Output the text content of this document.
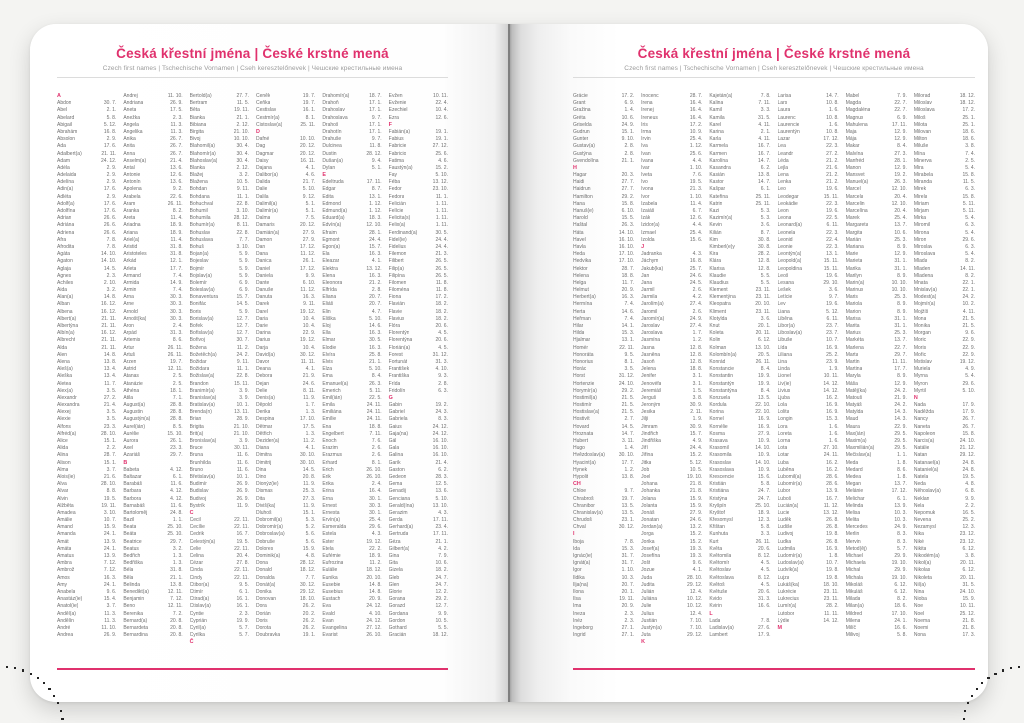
Česká křestní jména | České krstné mená
Czech first names | Tschechische Vornamen | Cseh keresztelőnevek | Чешские крестильные имена
A
Abdon	30. 7.
Ábel	2. 1.
Abelard	5. 8.
Abigail	5. 12.
Abrahám	16. 8.
Absolon	2. 9.
Ada	17. 6.
Adalbert(a)	21. 11.
Adam	24. 12.
Adéla	2. 9.
Adelaida	2. 9.
Adelína	2. 9.
Adin(a)	17. 6.
Adléta	2. 9.
Adolf(a)	17. 6.
Adolfína	17. 6.
Adrian	26. 6.
Adriána	26. 6.
Adriena	26. 6.
Afra	7. 8.
Afrodita	7. 8.
Agáta	14. 10.
Agaton	14. 10.
Aglaja	14. 5.
Agnes	2. 3.
Achiles	2. 10.
Aida	3. 2.
Alan(a)	14. 8.
Alban	16. 12.
Albena	16. 12.
Albert(a)	21. 11.
Albertýna	21. 11.
Albín(a)	16. 12.
Albrecht	21. 11.
Alda	21. 11.
Alen	14. 8.
Alena	13. 8.
Aleš(a)	13. 4.
Aleška	13. 4.
Aletea	11. 7.
Alex(a)	3. 5.
Alexandr	27. 2.
Alexandra	21. 4.
Alexej	3. 5.
Alexie	3. 5.
Alfons	23. 3.
Alfréd(a)	28. 10.
Alice	15. 1.
Alida	2. 2.
Alina	28. 7.
Alison	15. 1.
Alma	3. 7.
Alois(ie)	21. 6.
Alva	28. 10.
Alvar	8. 8.
Alvin	19. 5.
Alžběta	19. 11.
Amadea	3. 10.
Amálie	10. 7.
Amand	15. 9.
Amanda	24. 1.
Amát	13. 9.
Amáta	24. 1.
Amatus	13. 9.
Ambra	7. 12.
Ambrož	7. 12.
Ámos	16. 3.
Amy	24. 1.
Anabela	9. 6.
Anastáz(ie)	15. 4.
Anatol(ie)	3. 7.
Anděl(a)	11. 3.
Andělín	11. 3.
André	11. 10.
Andrea	26. 9.
Andrej	11. 10.
Andriana	26. 9.
Aneta	17. 5.
Anežka	2. 3.
Angela	11. 3.
Angelika	11. 3.
Anika	26. 7.
Anita	26. 7.
Anna	26. 7.
Anselm(a)	21. 4.
Antal	13. 6.
Antonie	12. 6.
Antonín	13. 6.
Apolena	9. 2.
Arabela	22. 6.
Aram	26. 11.
Aranka	8. 2.
Areta	11. 4.
Ariadna	18. 9.
Ariana	18. 9.
Ariel(a)	11. 4.
Aristid	31. 8.
Aristoteles	31. 8.
Arkád	12. 1.
Arleta	17. 7.
Armand	7. 4.
Armida	14. 9.
Armin	7. 4.
Arna	30. 3.
Arne	30. 3.
Arnold	30. 3.
Arnošt(ka)	30. 3.
Áron	2. 4.
Árpád	31. 3.
Artemis	8. 6.
Artur	26. 11.
Artuš	26. 11.
Arzen	19. 7.
Astrid	12. 11.
Atanas	2. 5.
Atanázie	2. 5.
Athéna	18. 1.
Atila	7. 1.
August(a)	28. 8.
Augustin	28. 8.
Augustýn(a)	28. 8.
Aurel(ián)	8. 5.
Aurélie	15. 10.
Aurora	26. 1.
Axel	23. 3.
Azariáš	29. 7.
B
Babeta	4. 12.
Baltazar	6. 1.
Barabáš	11. 6.
Barbara	4. 12.
Barbora	4. 12.
Barnabáš	11. 6.
Bartoloměj	24. 8.
Bazil	1. 1.
Beata	25. 10.
Beáta	25. 10.
Beatrice	29. 7.
Beatus	3. 2.
Bedřich	1. 3.
Bedřiška	1. 3.
Béla	31. 8.
Běla	21. 1.
Belinda	13. 8.
Benedikt(a)	12. 11.
Benjamin	7. 12.
Beno	12. 11.
Berenika	7. 2.
Bernard(a)	20. 8.
Bernardeta	20. 8.
Bernardina	20. 8.
Bertold(a)	27. 7.
Bertram	11. 5.
Běta	19. 11.
Bianka	21. 1.
Bibiana	2. 12.
Birgita	21. 10.
Bivoj	10. 10.
Blahomil(a)	30. 4.
Blahomír(a)	30. 4.
Blahoslav(a)	30. 4.
Blanka	2. 12.
Blažej	3. 2.
Blažena	10. 5.
Bohdan	9. 11.
Bohdana	11. 1.
Bohuchval	22. 8.
Bohumil	3. 10.
Bohumila	28. 12.
Bohumír(a)	8. 11.
Bohuslav	22. 8.
Bohuslava	7. 7.
Bohuš	3. 10.
Bojan(a)	5. 9.
Bojeslav	5. 9.
Bojmír	5. 9.
Bojslav(a)	5. 9.
Bolemír	6. 9.
Boleslav(a)	6. 9.
Bonaventura	15. 7.
Bonifác	14. 5.
Boris	5. 9.
Borislav(a)	12. 7.
Bořek	12. 7.
Bořislav(a)	12. 7.
Bořivoj	30. 7.
Božena	11. 2.
Božetěch(a)	24. 2.
Božidar	9. 11.
Božidara	11. 1.
Božislav(a)	22. 8.
Brandon	15. 11.
Branimír(a)	3. 9.
Branislav(a)	3. 9.
Bratislav(a)	10. 1.
Brenda(n)	13. 11.
Brian	28. 9.
Brigita	21. 10.
Brit(a)	21. 10.
Bronislav(a)	3. 9.
Bruce	30. 11.
Bruna	11. 6.
Brunhilda	11. 6.
Bruno	11. 6.
Břetislav(a)	10. 1.
Budimír	26. 9.
Budislav	26. 9.
Budivoj	26. 9.
Bystrík	11. 9.
C
Cecil	22. 11.
Cecílie	22. 11.
Cedrik	16. 7.
Celestýn(a)	19. 5.
Celie	22. 11.
Celina	20. 4.
Cézar	27. 8.
Cinda	22. 11.
Cindy	22. 11.
Ctibor(a)	9. 5.
Ctimír	6. 1.
Ctirad(a)	16. 1.
Ctislav(a)	16. 1.
Cyntie	2. 3.
Cyprián	19. 9.
Cyril(a)	5. 7.
Cyrilka	5. 7.
Č
Čeněk	19. 7.
Čeňka	19. 7.
Čestislav	16. 1.
Čestmír(a)	8. 1.
Čistoslav(a)	25. 11.
D
Dafné	10. 10.
Dag	20. 12.
Dagmar	20. 12.
Daisy	16. 11.
Dajana	4. 1.
Dalibor(a)	4. 6.
Dalida	21. 7.
Dalie	5. 10.
Dalila	9. 12.
Dalimil(a)	5. 1.
Dalimír(a)	5. 1.
Dalma	7. 5.
Damaris	20. 12.
Damián(a)	27. 9.
Damon	27. 9.
Dan	17. 12.
Dana	11. 12.
Danica	26. 1.
Daniel	17. 12.
Daniela	9. 9.
Dante	6. 10.
Danuše	11. 12.
Danuta	16. 3.
Darek	9. 11.
Darel	19. 12.
Daria	10. 4.
Darie	10. 4.
Darina	22. 9.
Darius	19. 12.
Darja	10. 4.
David(a)	30. 12.
Davor	11. 11.
Deana	4. 1.
Debora	21. 9.
Dejan	24. 6.
Delie	8. 11.
Denis(a)	11. 9.
Děpold	1. 7.
Derika	1. 3.
Despina	17. 10.
Dětmar	17. 5.
Dětřich	1. 3.
Dezider(a)	11. 2.
Diana	4. 1.
Dimitra	30. 10.
Dimitrij	30. 10.
Dina	14. 5.
Dino	20. 8.
Dionýz(ie)	11. 9.
Dismas	25. 3.
Dita	27. 3.
Diviš(ka)	11. 9.
Dluhoš	15. 1.
Dobromil(a)	5. 3.
Dobromír(a)	5. 2.
Dobroslav(a)	5. 6.
Dobruše	5. 6.
Dolores	15. 9.
Dominik(a)	4. 8.
Dona	28. 12.
Donald	18. 12.
Donalda	7. 7.
Donát(a)	30. 12.
Donika	29. 12.
Donovan	18. 10.
Dora	26. 2.
Dorián	20. 2.
Doris	26. 2.
Dorota	26. 2.
Doubravka	19. 1.
Drahomír(a)	18. 7.
Drahoň	17. 1.
Drahoslav	17. 1.
Drahoslava	9. 7.
Drahoš	17. 1.
Drahotín	17. 1.
Drahuše	9. 7.
Dulcinea	11. 8.
Dustin	28. 12.
Dušan(a)	9. 4.
Dylan	5. 1.
E
Edeltruda	17. 11.
Edgar	8. 7.
Edita	13. 1.
Edmond	1. 12.
Edmund(a)	1. 12.
Eduard(a)	18. 3.
Edvín(a)	12. 10.
Efraim	28. 1.
Egmont	24. 4.
Egon(a)	15. 7.
Ela	16. 3.
Eleazar	4. 1.
Elektra	13. 12.
Elena	16. 3.
Eleonora	21. 2.
Elfrída	2. 8.
Eliana	20. 7.
Eliáš	20. 7.
Elin	4. 7.
Eliška	5. 10.
Eloj	14. 6.
Ella	16. 3.
Elmar	30. 5.
Elodie	16. 3.
Elvíra	25. 8.
Elvis	21. 1.
Elza	5. 10.
Ema	8. 4.
Emanuel(a)	26. 3.
Emerich	5. 11.
Emil(ián)	22. 5.
Emila	24. 11.
Emiliána	24. 11.
Emílie	24. 11.
Ena	18. 8.
Engelbert	7. 11.
Enoch	7. 6.
Erazim	2. 6.
Erazmus	2. 6.
Erhard	8. 1.
Erich	26. 10.
Erik	26. 10.
Erika	2. 4.
Erina	16. 4.
Erna	30. 1.
Ernest	30. 3.
Ernesta	30. 1.
Ervín(a)	25. 4.
Esmeralda	29. 6.
Estela	4. 3.
Ester	19. 12.
Etela	22. 2.
Eufémie	18. 9.
Eufrozina	11. 2.
Eulálie	18. 12.
Eunika	20. 10.
Eusebie	14. 8.
Eusebius	14. 8.
Eustach	20. 9.
Eva	24. 12.
Evald	4. 10.
Evan	24. 12.
Evangelina	27. 12.
Evarist	26. 10.
Evžen	10. 11.
Evženie	22. 4.
Ezechiel	10. 4.
Ezra	12. 6.
F
Fabián(a)	19. 1.
Fabius	19. 1.
Fabricie	27. 12.
Fabricio	25. 6.
Fatima	4. 6.
Faustýn(a)	15. 2.
Fay	5. 10.
Féba	13. 12.
Fedor	23. 10.
Fedora	11. 1.
Felicián	1. 11.
Felície	1. 11.
Felicita(s)	1. 11.
Felix(a)	1. 11.
Ferdinand(a)	30. 5.
Fidel(ie)	24. 4.
Fidelius	24. 4.
Filemon	21. 3.
Filibert	26. 5.
Filip(a)	26. 5.
Filipína	26. 5.
Filomen	11. 8.
Filoména	11. 8.
Fiona	17. 2.
Flavián	18. 2.
Flavie	18. 2.
Flavius	18. 2.
Flóra	20. 6.
Florentýn	4. 5.
Florentýna	20. 6.
Florián(a)	4. 5.
Forest	31. 12.
Fortunát	31. 3.
František	4. 10.
Františka	9. 3.
Frída	2. 8.
Fridolín	6. 3.
G
Gabin	19. 2.
Gabriel	24. 3.
Gabriela	8. 3.
Gaius	24. 12.
Gaja(na)	24. 12.
Gál	16. 10.
Gala	16. 10.
Galina	16. 10.
Garik	21. 4.
Gaston	6. 2.
Gedeon	28. 3.
Gema	12. 5.
Genadij	13. 6.
Genciana	5. 10.
Gerald(ína)	13. 10.
Gerazim	4. 3.
Gerda	17. 11.
Gerhard(a)	23. 4.
Gertruda	17. 11.
Géza	21. 1.
Gilbert(a)	4. 2.
Gina	7. 9.
Gita	10. 6.
Gizela	18. 2.
Gleb	24. 7.
Glen	24. 7.
Glorie	12. 2.
Gorana	29. 2.
Gorazd	12. 7.
Gordana	9. 9.
Gordon	10. 5.
Gothard	5. 5.
Gracián	18. 12.
Česká křestní jména | České krstné mená
Czech first names | Tschechische Vornamen | Cseh keresztelőnevek | Чешские крестильные имена
Grácie	17. 2.
Grant	6. 9.
Gražina	1. 4.
Gréta	10. 6.
Griselda	24. 9.
Gudrun	15. 1.
Gunter	9. 10.
Gustav(a)	2. 8.
Gustýna	2. 8.
Gvendolína	21. 1.
H
Hagar	20. 3.
Haidi	27. 7.
Haidrun	27. 7.
Hamilton	29. 2.
Hana	15. 8.
Hanuš(e)	6. 10.
Harold	15. 5.
Haštal	26. 3.
Háta	14. 10.
Havel	16. 10.
Havla	16. 10.
Heda	17. 10.
Hedvika	17. 10.
Hektor	28. 7.
Helena	18. 8.
Helga	11. 7.
Helmut	20. 9.
Herbert(a)	16. 3.
Hermína	7. 4.
Herta	14. 6.
Heřman	7. 4.
Hilar	14. 1.
Hilda	15. 3.
Hjalmar	13. 1.
Homér	22. 11.
Honoráta	9. 5.
Honorius	8. 1.
Horác	3. 5.
Horst	31. 12.
Hortenzie	24. 10.
Horymír(a)	29. 2.
Hostimil(a)	21. 5.
Hostimír	21. 5.
Hostislav(a)	21. 5.
Hostivít	2. 7.
Hovard	14. 5.
Hroznata	14. 7.
Hubert	3. 11.
Hugo	1. 4.
Hvězdoslav(a)	30. 10.
Hyacint(a)	17. 7.
Hynek	1. 2.
Hypolit	13. 8.
CH
Chloe	9. 7.
Chrabroš	19. 7.
Chranibor	13. 5.
Chranislav(a)	13. 5.
Chrudoš	23. 1.
Chval	30. 12.
I
Iboja	7. 8.
Ida	15. 3.
Ignác(ie)	31. 7.
Ignát(a)	31. 7.
Igor	1. 10.
Ildika	10. 3.
Ilja(na)	20. 7.
Ilona	20. 1.
Ilsa	19. 11.
Ima	20. 9.
Ineza	2. 3.
Inéz	2. 3.
Ingeborg	27. 1.
Ingrid	27. 1.
Inocenc	28. 7.
Irena	16. 4.
Irenej	16. 4.
Ireneus	16. 4.
Iris	17. 2.
Irma	10. 9.
Irvin	25. 4.
Iva	1. 12.
Ivan	25. 6.
Ivana	4. 4.
Ivar	1. 10.
Iveta	7. 6.
Ivo	19. 5.
Ivona	21. 3.
Ivor	1. 10.
Izabela	11. 4.
Izaiáš	6. 7.
Izák	12. 6.
Izidor(a)	4. 4.
Izmael	25. 4.
Izolda	15. 6.
J
Jadranka	4. 3.
Jáchym	16. 8.
Jakub(ka)	25. 7.
Jan	24. 6.
Jana	24. 5.
Jarmil	2. 6.
Jarmila	4. 2.
Jarolím(a)	27. 4.
Jaromil	2. 6.
Jaromír(a)	24. 9.
Jaroslav	27. 4.
Jaroslava	1. 7.
Jasmína	1. 2.
Jasna	12. 8.
Jasněna	12. 8.
Jasoň	12. 8.
Jelena	18. 8.
Jenifer	3. 1.
Jenovéfa	3. 1.
Jeremiáš	1. 5.
Jerguš	3. 8.
Jeroným	30. 9.
Jesika	2. 11.
Jiljí	1. 9.
Jimram	30. 9.
Jindřich	15. 7.
Jindřiška	4. 9.
Jiří	24. 4.
Jiřina	15. 2.
Jitka	5. 12.
Job	10. 5.
Joel	19. 10.
Johana	21. 8.
Johanka	21. 8.
Jolana	15. 9.
Jolanta	15. 9.
Jonáš	27. 9.
Jonatan	24. 6.
Jordan(a)	13. 2.
Jorga	15. 2.
Jorika	15. 2.
Josef(a)	19. 3.
Josefína	19. 3.
Jošt	9. 6.
Jozue	4. 1.
Juda	28. 10.
Judita	29. 12.
Julián	12. 4.
Juliána	10. 12.
Julie	10. 12.
Julius	12. 4.
Justián	7. 10.
Justýn(a)	7. 10.
Juta	29. 12.
K
Kajetán(a)	7. 8.
Kalina	7. 11.
Kamil	3. 3.
Kamila	31. 5.
Karel	4. 11.
Karina	2. 1.
Karla	4. 11.
Karmela	16. 7.
Karmen	16. 7.
Karolína	14. 7.
Kasandra	6. 2.
Kasián	13. 8.
Kastor	14. 7.
Kašpar	6. 1.
Kateřina	25. 11.
Katrin	25. 11.
Kazi	5. 3.
Kazimír(a)	5. 3.
Kevin	3. 6.
Kilián	8. 7.
Kim	30. 8.
Kimberl(e)y	30. 8.
Kira	28. 2.
Klára	12. 8.
Klarisa	12. 8.
Klaudie	5. 5.
Klaudius	5. 5.
Klement	23. 11.
Klementýna	23. 11.
Kleopatra	20. 10.
Kliment	23. 11.
Klotylda	3. 6.
Knut	20. 1.
Koleta	20. 11.
Kolin	6. 12.
Kolman	13. 10.
Kolombín(a)	20. 5.
Konrád	26. 11.
Konstancie	8. 4.
Konstantin	19. 9.
Konstantýn	19. 9.
Konstantýna	8. 4.
Konzuela	13. 5.
Kordula	22. 10.
Korina	22. 10.
Kornel	16. 9.
Kornélie	16. 9.
Kosma	27. 9.
Krasava	10. 9.
Krasomil	14. 10.
Krasomila	10. 9.
Krasoslav	14. 10.
Krasoslava	10. 9.
Krescencie	15. 6.
Kristián	5. 8.
Kristiána	24. 7.
Kristýna	24. 7.
Kryšpín	25. 10.
Kryštof	18. 9.
Křesomysl	12. 3.
Křištan	5. 8.
Kunhuta	3. 3.
Kurt	26. 11.
Květa	20. 6.
Květomila	8. 12.
Květomír	4. 5.
Květoslav	4. 5.
Květoslava	8. 12.
Květoš	4. 5.
Květuše	20. 6.
Kvido	31. 3.
Kvirin	16. 6.
L
Lada	7. 8.
Ladislav(a)	27. 6.
Lambert	17. 9.
Larisa	14. 7.
Lars	10. 8.
Laura	1. 6.
Laurenc	10. 8.
Laurencie	1. 6.
Laurentýn	10. 8.
Lazar	17. 12.
Lea	22. 3.
Leandr	27. 2.
Léda	21. 2.
Lejla	21. 6.
Lena	21. 2.
Lenka	21. 2.
Leo	19. 6.
Leodegar	15. 11.
Leokádie	22. 3.
Leon	19. 6.
Leona	22. 5.
Leonard(a)	6. 11.
Leonela	22. 3.
Leonid	22. 4.
Leonie	22. 3.
Leontýn(a)	13. 1.
Leopold(a)	15. 11.
Leopoldina	15. 11.
Leoš	19. 6.
Lesana	29. 10.
Lešek	3. 6.
Letície	9. 7.
Lev	19. 6.
Liana	5. 12.
Liběna	6. 11.
Libor(a)	23. 7.
Liboslav(a)	23. 7.
Libuše	10. 7.
Lída	16. 9.
Liliana	25. 2.
Lina	23. 9.
Linda	1. 9.
Lionel	10. 11.
Liv(ie)	14. 12.
Livius	14. 12.
Ljuba	16. 2.
Lola	16. 9.
Lolita	16. 9.
Longin	15. 3.
Lora	1. 6.
Loreta	1. 6.
Lorna	1. 6.
Lota	27. 10.
Lotar	24. 11.
Luba	16. 2.
Luběna	16. 2.
Lubomil(a)	28. 6.
Lubomír(a)	28. 6.
Lubor	13. 9.
Luboš	16. 7.
Lucián(a)	11. 12.
Lucie	13. 12.
Luděk	26. 8.
Ludiše	26. 8.
Ludivoj	19. 8.
Ludka	26. 8.
Ludmila	16. 9.
Ludomír(a)	1. 8.
Ludoslav(a)	10. 7.
Ludvík(a)	19. 8.
Lujza	19. 8.
Lukáš(ka)	18. 10.
Lukrécie	23. 11.
Lukrecius	23. 11.
Lumír(a)	28. 2.
Lutobor	11. 11.
Lýdie	14. 12.
M
Mabel	7. 9.
Magda	22. 7.
Magdaléna	22. 7.
Magnus	6. 9.
Mahulena	17. 11.
Maja	12. 9.
Mája	12. 9.
Makar	8. 4.
Malvína	27. 3.
Manfréd	28. 1.
Manon	12. 9.
Mansvet	19. 2.
Manuel(a)	26. 3.
Marcel	12. 10.
Marcela	20. 4.
Marcelin	12. 10.
Marcelína	20. 4.
Marek	25. 4.
Margareta	13. 7.
Margita	10. 6.
Marián	25. 3.
Mariana	8. 9.
Marie	12. 9.
Marieta	31. 1.
Marika	31. 1.
Marilyn	8. 9.
Marin(a)	10. 10.
Marinus	10. 10.
Maris	25. 3.
Mariola	8. 9.
Marion	8. 9.
Marisa	31. 1.
Marita	31. 1.
Marius	25. 3.
Markéta	13. 7.
Marlena	22. 7.
Marta	29. 7.
Martin	11. 11.
Martina	17. 7.
Maryla	8. 9.
Máša	12. 9.
Matěj(ka)	24. 2.
Matouš	21. 9.
Matyáš	24. 2.
Matylda	14. 3.
Maud	14. 3.
Maura	22. 9.
Max(ián)	29. 5.
Maxim(a)	29. 5.
Maxmilián(a)	29. 5.
Mečislav(a)	1. 1.
Meda	1. 8.
Medard	8. 6.
Medea	1. 8.
Megan	13. 7.
Melánie	17. 12.
Melichar	6. 1.
Melinda	13. 9.
Melisa	10. 3.
Melita	10. 3.
Mercedes	24. 9.
Merlin	8. 3.
Mervin	8. 3.
Metod(ěj)	5. 7.
Michael	29. 9.
Michaela	19. 10.
Michal	29. 9.
Michala	19. 10.
Mikoláš	6. 12.
Mikuláš	6. 12.
Milada	8. 2.
Milan(a)	18. 6.
Mildred	17. 10.
Milena	24. 1.
Milíč	16. 6.
Milivoj	5. 8.
Milorad	18. 12.
Miloslav	18. 12.
Miloslava	17. 2.
Miloš	25. 1.
Milota	25. 1.
Milovan	18. 6.
Milton	18. 6.
Miluše	3. 8.
Mína	7. 4.
Minerva	2. 5.
Mira	5. 4.
Mirabela	15. 8.
Miranda	11. 5.
Mirek	6. 3.
Mirela	15. 8.
Miriam	5. 11.
Mirjam	5. 11.
Mirka	5. 4.
Miromil	6. 3.
Mirona	5. 4.
Miron	29. 6.
Miroslav	6. 3.
Miroslava	5. 4.
Mlada	8. 2.
Mladen	14. 11.
Mladena	8. 2.
Mnata	22. 1.
Mnislav(a)	22. 1.
Modest(a)	24. 2.
Mojmír(a)	10. 2.
Mojžíš	4. 11.
Mona	21. 5.
Monika	21. 5.
Morgan	9. 6.
Moric	22. 9.
Moris	22. 9.
Mořic	22. 9.
Mstislav	19. 12.
Muriela	4. 9.
Myrna	5. 4.
Myron	29. 6.
Myrtil	5. 10.
N
Nada	17. 9.
Naděžda	17. 9.
Nancy	26. 7.
Naneta	26. 7.
Napoleon	15. 8.
Narcis(a)	24. 10.
Natálie	21. 12.
Natan	29. 12.
Natanael(a)	24. 8.
Nataniel(a)	24. 8.
Natela	19. 5.
Neda	4. 8.
Něhoslav(a)	6. 8.
Neklan	9. 9.
Nela	2. 2.
Nepomuk	16. 5.
Nevena	25. 2.
Nezamysl	12. 3.
Nika	23. 12.
Niké	23. 12.
Nikita	6. 12.
Nikodém(a)	3. 8.
Nikol(a)	20. 11.
Nikolas	6. 12.
Nikoleta	20. 11.
Nil(a)	31. 5.
Nina	24. 10.
Nioba	15. 9.
Noe	10. 11.
Noel	25. 12.
Noema	21. 8.
Noemi	21. 8.
Nona	17. 3.
